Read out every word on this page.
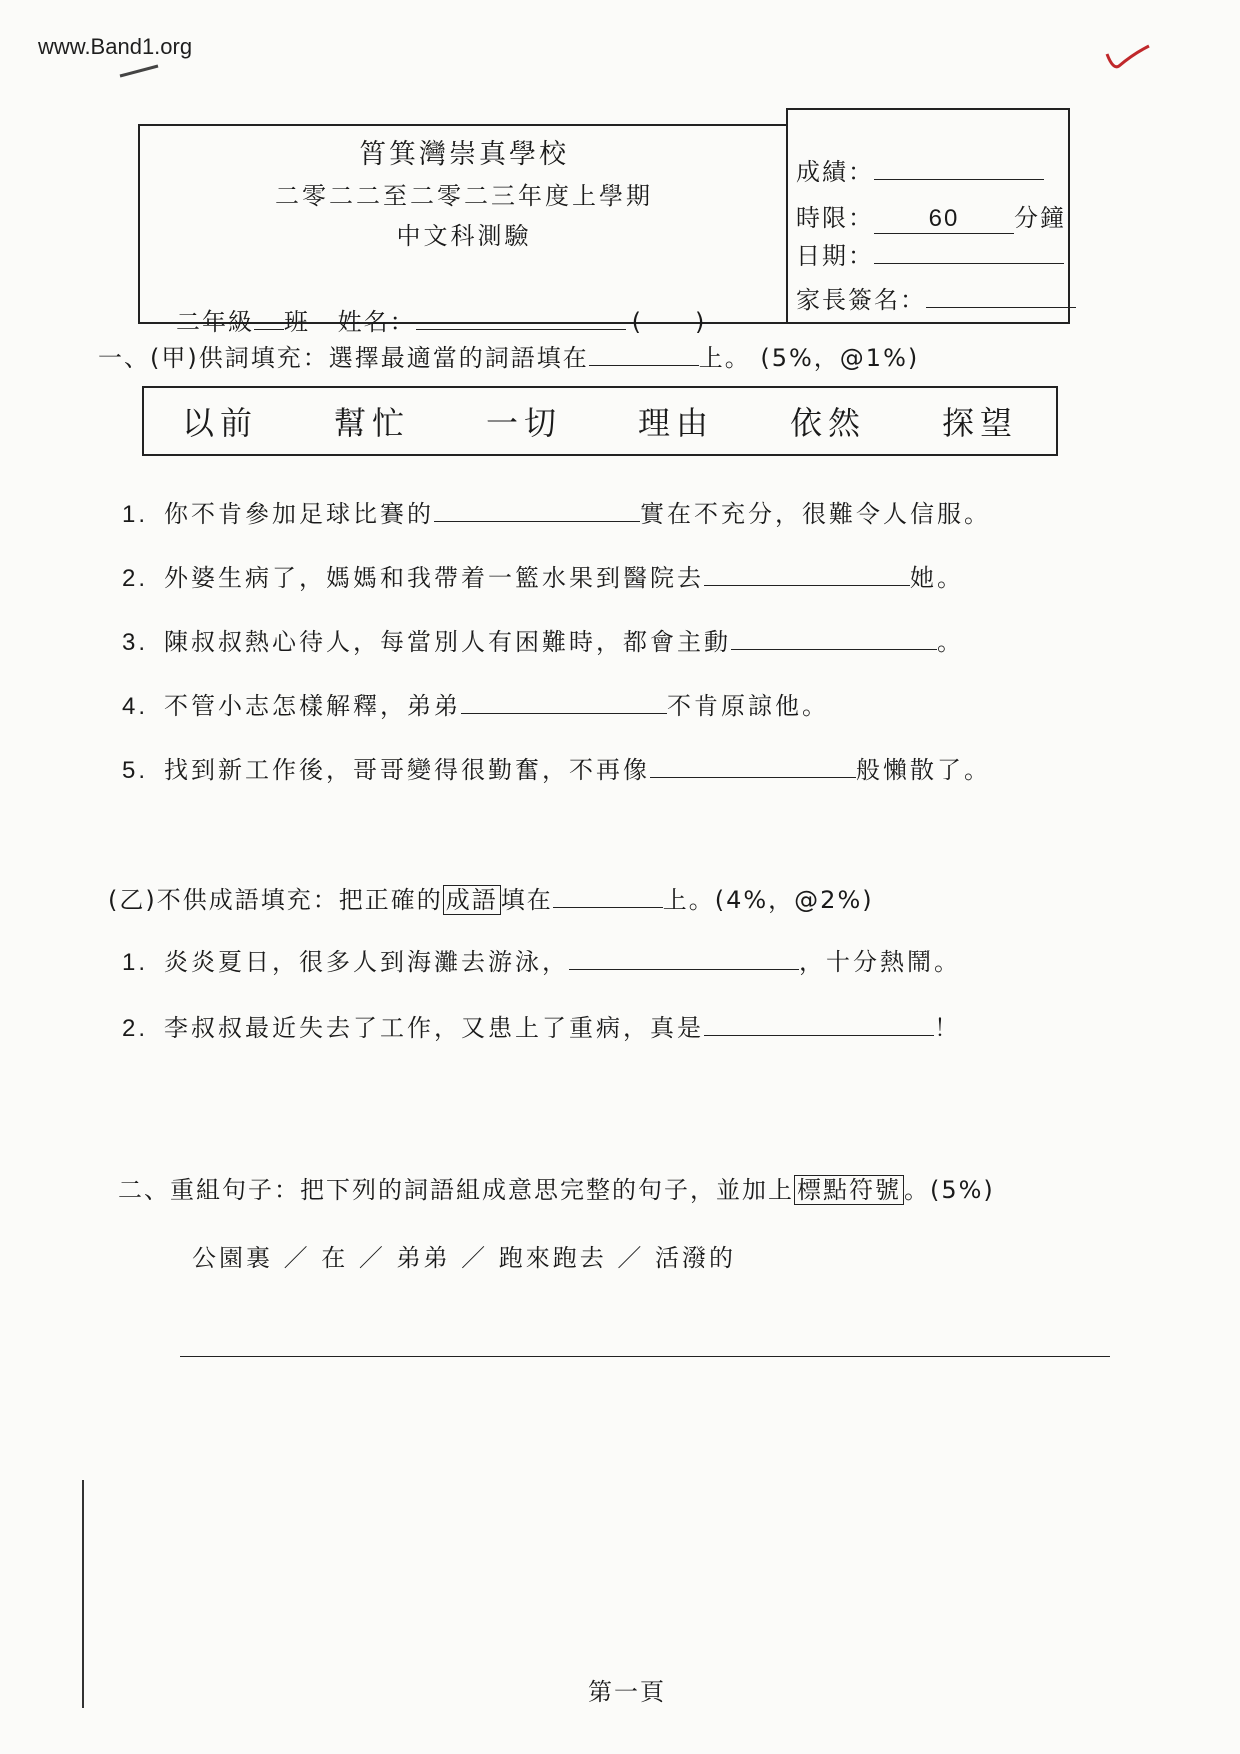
www.Band1.org
筲箕灣崇真學校
二零二二至二零二三年度上學期
中文科測驗
二年級 班 姓名：	(　　)
成績：
時限： 60 分鐘
日期：
家長簽名：
一、(甲)供詞填充：選擇最適當的詞語填在	上。 (5%，@1%)
以前 幫忙 一切 理由 依然 探望
1. 你不肯參加足球比賽的	實在不充分，很難令人信服。
2. 外婆生病了，媽媽和我帶着一籃水果到醫院去	她。
3. 陳叔叔熱心待人，每當別人有困難時，都會主動	。
4. 不管小志怎樣解釋，弟弟	不肯原諒他。
5. 找到新工作後，哥哥變得很勤奮，不再像	般懶散了。
(乙)不供成語填充：把正確的 成語 填在	上。(4%，@2%)
1. 炎炎夏日，很多人到海灘去游泳，	，十分熱鬧。
2. 李叔叔最近失去了工作，又患上了重病，真是	！
二、重組句子：把下列的詞語組成意思完整的句子，並加上 標點符號 。(5%)
公園裏 ／ 在 ／ 弟弟 ／ 跑來跑去 ／ 活潑的
第一頁
